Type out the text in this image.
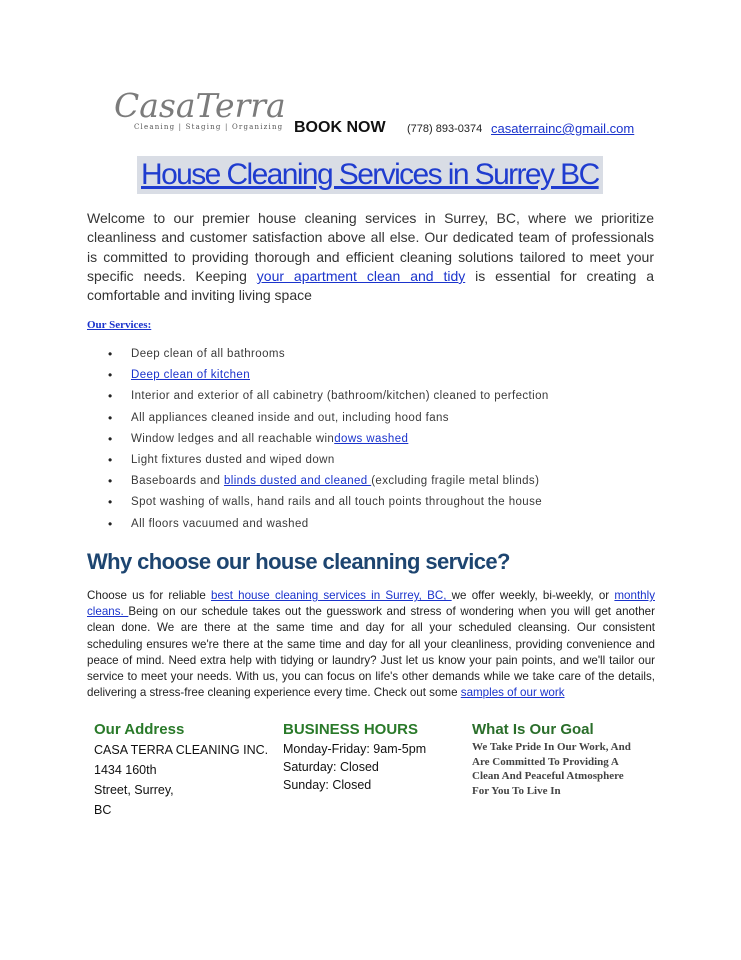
CasaTerra
Cleaning | Staging | Organizing BOOK NOW (778) 893-0374 casaterrainc@gmail.com
House Cleaning Services in Surrey BC

Welcome to our premier house cleaning services in Surrey, BC, where we prioritize cleanliness and customer satisfaction above all else. Our dedicated team of professionals is committed to providing thorough and efficient cleaning solutions tailored to meet your specific needs. Keeping your apartment clean and tidy is essential for creating a comfortable and inviting living space

Our Services:
• Deep clean of all bathrooms
• Deep clean of kitchen
• Interior and exterior of all cabinetry (bathroom/kitchen) cleaned to perfection
• All appliances cleaned inside and out, including hood fans
• Window ledges and all reachable windows washed
• Light fixtures dusted and wiped down
• Baseboards and blinds dusted and cleaned (excluding fragile metal blinds)
• Spot washing of walls, hand rails and all touch points throughout the house
• All floors vacuumed and washed
Why choose our house cleanning service?

Choose us for reliable best house cleaning services in Surrey, BC, we offer weekly, bi-weekly, or monthly cleans. Being on our schedule takes out the guesswork and stress of wondering when you will get another clean done. We are there at the same time and day for all your scheduled cleansing. Our consistent scheduling ensures we're there at the same time and day for all your cleanliness, providing convenience and peace of mind. Need extra help with tidying or laundry? Just let us know your pain points, and we'll tailor our service to meet your needs. With us, you can focus on life's other demands while we take care of the details, delivering a stress-free cleaning experience every time. Check out some samples of our work

Our Address
CASA TERRA CLEANING INC.
1434 160th
Street, Surrey,
BC
BUSINESS HOURS
Monday-Friday: 9am-5pm
Saturday: Closed
Sunday: Closed
What Is Our Goal
We Take Pride In Our Work, And
Are Committed To Providing A
Clean And Peaceful Atmosphere
For You To Live In
